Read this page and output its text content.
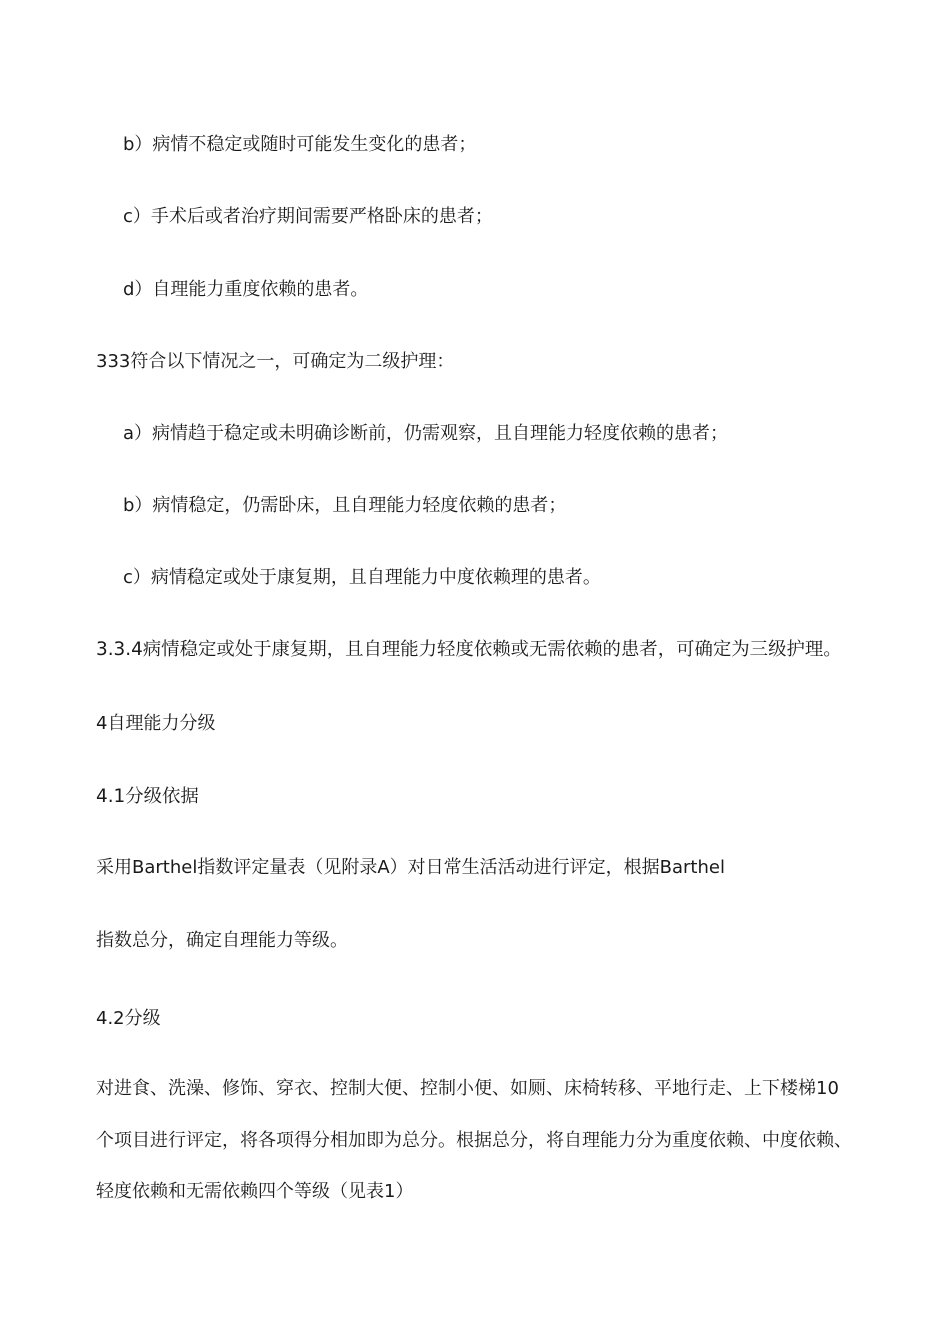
b）病情不稳定或随时可能发生变化的患者；

c）手术后或者治疗期间需要严格卧床的患者；

d）自理能力重度依赖的患者。

333符合以下情况之一，可确定为二级护理：

a）病情趋于稳定或未明确诊断前，仍需观察，且自理能力轻度依赖的患者；

b）病情稳定，仍需卧床，且自理能力轻度依赖的患者；

c）病情稳定或处于康复期，且自理能力中度依赖理的患者。

3.3.4病情稳定或处于康复期，且自理能力轻度依赖或无需依赖的患者，可确定为三级护理。

4自理能力分级

4.1分级依据

采用Barthel指数评定量表（见附录A）对日常生活活动进行评定，根据Barthel

指数总分，确定自理能力等级。

4.2分级

对进食、洗澡、修饰、穿衣、控制大便、控制小便、如厕、床椅转移、平地行走、上下楼梯10

个项目进行评定，将各项得分相加即为总分。根据总分，将自理能力分为重度依赖、中度依赖、

轻度依赖和无需依赖四个等级（见表1）
